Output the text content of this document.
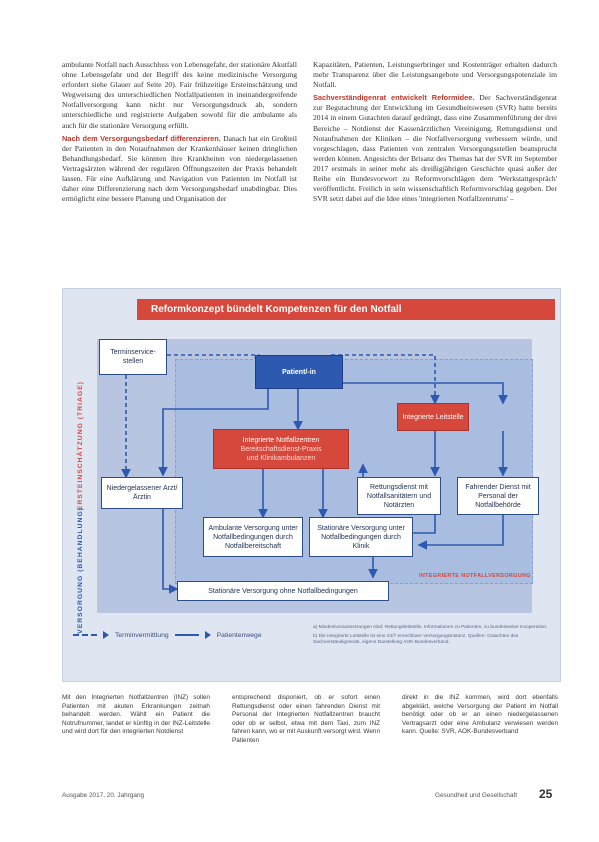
ambulante Notfall nach Ausschluss von Lebensgefahr, der stationäre Akutfall ohne Lebensgefahr und der Begriff des keine medizinische Versorgung erfordert siehe Glauer auf Seite 20). Fair frühzeitige Ersteinschätzung und Wegweisung des unterschiedlichen Notfallpatienten in ineinandergreifende Notfallversorgung kann nicht nur Versorgungsdruck ab, sondern unterschiedliche und registrierte Aufgaben sowohl für die ambulante als auch für die stationäre Versorgung erfüllt.

Nach dem Versorgungsbedarf differenzieren. Danach hat ein Großteil der Patienten in den Notaufnahmen der Krankenhäuser keinen dringlichen Behandlungsbedarf. Sie könnten ihre Krankheiten von niedergelassenen Vertragsärzten während der regulären Öffnungszeiten der Praxis behandelt lassen. Für eine Aufklärung und Navigation von Patienten im Notfall ist daher eine Differenzierung nach dem Versorgungsbedarf unabdingbar. Dies ermöglicht eine bessere Planung und Organisation der

Kapazitäten, Patienten, Leistungserbringer und Kostenträger erhalten dadurch mehr Transparenz über die Leistungsangebote und Versorgungspotenziale im Notfall.

Sachverständigenrat entwickelt Reformidee. Der Sachverständigenrat zur Begutachtung der Entwicklung im Gesundheitswesen (SVR) hatte bereits 2014 in einem Gutachten darauf gedrängt, dass eine Zusammenführung der drei Bereiche – Notdienst der Kassenärztlichen Vereinigung, Rettungsdienst und Notaufnahmen der Kliniken – die Notfallversorgung verbessern würde, und vorgeschlagen, dass Patienten von zentralen Versorgungsstellen beansprucht werden können. Angesichts der Brisanz des Themas hat der SVR im September 2017 erstmals in seiner mehr als dreißigjährigen Geschichte quasi außer der Reihe ein Bundesvorwort zu Reformvorschlägen dem 'Werkstattgespräch' veröffentlicht. Freilich in sein wissenschaftlich Reformvorschlag gegeben. Der SVR setzt dabei auf die Idee eines 'integrierten Notfallzentrums' –

Reformkonzept bündelt Kompetenzen für den Notfall
ERSTEINSCHÄTZUNG (TRIAGE)
VERSORGUNG (BEHANDLUNG)
Terminservice-stellen
Patient/-in
Integrierte Leitstelle
Integrierte Notfallzentren
Bereitschaftsdienst-Praxis
und Klinikambulanzen
Niedergelassener Arzt/Ärztin
Rettungsdienst mit Notfallsanitätern und Notärzten
Fahrender Dienst mit Personal der Notfallbehörde
Ambulante Versorgung unter Notfallbedingungen durch Notfallbereitschaft
Stationäre Versorgung unter Notfallbedingungen durch Klinik
INTEGRIERTE NOTFALLVERSORGUNG
Stationäre Versorgung ohne Notfallbedingungen
Terminvermittlung	Patientenwege

a) Mindestvoraussetzungen sind: Rettungsleitstelle, Informationen zu Patienten, zu bundesweiter Kooperation.

b) Die Integrierte Leitstelle ist eine 24/7 erreichbare Versorgungsinstanz. Quellen: Gutachten des Sachverständigenrats, eigene Darstellung AOK-Bundesverband.

Mit den Integrierten Notfallzentren (INZ) sollen Patienten mit akuten Erkrankungen zeitnah behandelt werden. Wählt ein Patient die Notrufnummer, landet er künftig in der INZ-Leitstelle und wird dort für den integrierten Notdienst
entsprechend disponiert, ob er sofort einen Rettungsdienst oder einen fahrenden Dienst mit Personal der Integrierten Notfallzentren braucht oder ob er selbst, etwa mit dem Taxi, zum INZ fahren kann, wo er mit Auskunft versorgt wird. Wenn Patienten
direkt in die INZ kommen, wird dort ebenfalls abgeklärt, welche Versorgung der Patient im Notfall benötigt oder ob er an einen niedergelassenen Vertragsarzt oder eine Ambulanz verwiesen werden kann. Quelle: SVR, AOK-Bundesverband
Ausgabe 2017, 20. Jahrgang	Gesundheit und Gesellschaft 25
